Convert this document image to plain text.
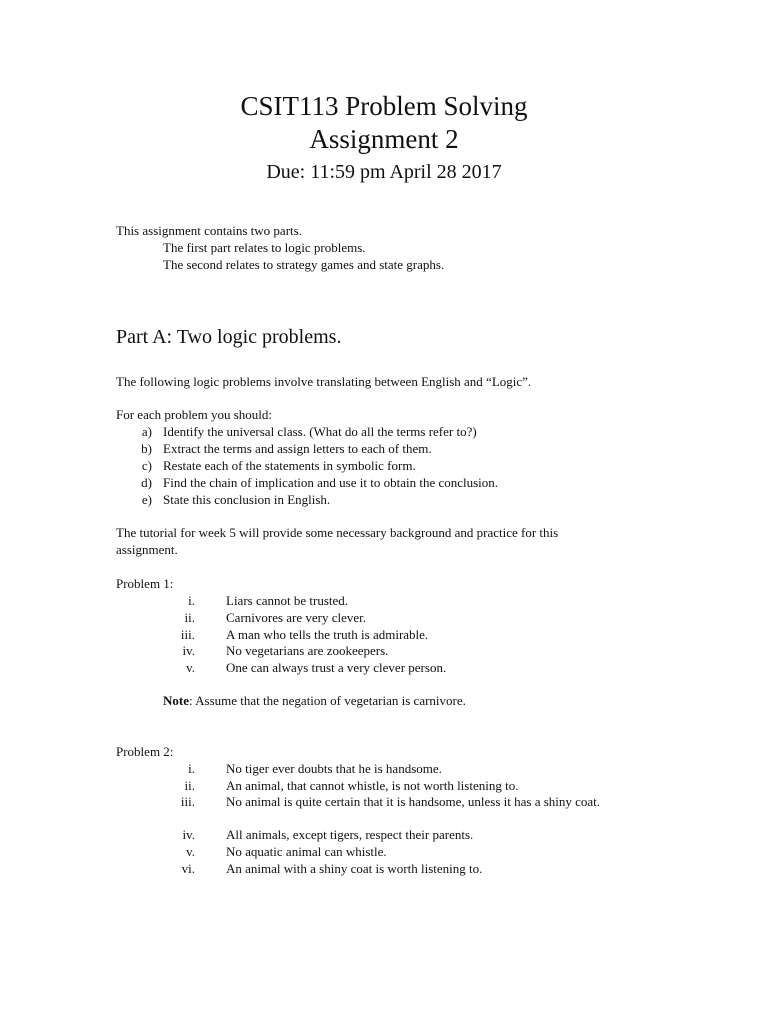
CSIT113 Problem Solving
Assignment 2
Due: 11:59 pm April 28 2017
This assignment contains two parts.
The first part relates to logic problems.
The second relates to strategy games and state graphs.
Part A: Two logic problems.
The following logic problems involve translating between English and “Logic”.
For each problem you should:
a) Identify the universal class. (What do all the terms refer to?)
b) Extract the terms and assign letters to each of them.
c) Restate each of the statements in symbolic form.
d) Find the chain of implication and use it to obtain the conclusion.
e) State this conclusion in English.
The tutorial for week 5 will provide some necessary background and practice for this
assignment.
Problem 1:
i. Liars cannot be trusted.
ii. Carnivores are very clever.
iii. A man who tells the truth is admirable.
iv. No vegetarians are zookeepers.
v. One can always trust a very clever person.
Note: Assume that the negation of vegetarian is carnivore.
Problem 2:
i. No tiger ever doubts that he is handsome.
ii. An animal, that cannot whistle, is not worth listening to.
iii. No animal is quite certain that it is handsome, unless it has a shiny coat.
iv. All animals, except tigers, respect their parents.
v. No aquatic animal can whistle.
vi. An animal with a shiny coat is worth listening to.
